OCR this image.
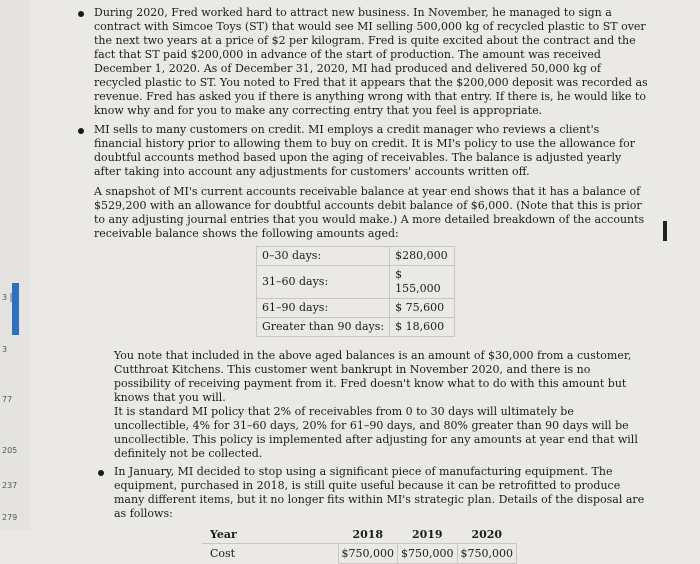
3
3
77
205
237
279

During 2020, Fred worked hard to attract new business. In November, he managed to sign a contract with Simcoe Toys (ST) that would see MI selling 500,000 kg of recycled plastic to ST over the next two years at a price of $2 per kilogram. Fred is quite excited about the contract and the fact that ST paid $200,000 in advance of the start of production. The amount was received December 1, 2020. As of December 31, 2020, MI had produced and delivered 50,000 kg of recycled plastic to ST. You noted to Fred that it appears that the $200,000 deposit was recorded as revenue. Fred has asked you if there is anything wrong with that entry. If there is, he would like to know why and for you to make any correcting entry that you feel is appropriate.

MI sells to many customers on credit. MI employs a credit manager who reviews a client's financial history prior to allowing them to buy on credit. It is MI's policy to use the allowance for doubtful accounts method based upon the aging of receivables. The balance is adjusted yearly after taking into account any adjustments for customers' accounts written off.

A snapshot of MI's current accounts receivable balance at year end shows that it has a balance of $529,200 with an allowance for doubtful accounts debit balance of $6,000. (Note that this is prior to any adjusting journal entries that you would make.) A more detailed breakdown of the accounts receivable balance shows the following amounts aged:

0–30 days:	$280,000
31–60 days:	$ 155,000
61–90 days:	$ 75,600
Greater than 90 days:	$ 18,600

You note that included in the above aged balances is an amount of $30,000 from a customer, Cutthroat Kitchens. This customer went bankrupt in November 2020, and there is no possibility of receiving payment from it. Fred doesn't know what to do with this amount but knows that you will.

It is standard MI policy that 2% of receivables from 0 to 30 days will ultimately be uncollectible, 4% for 31–60 days, 20% for 61–90 days, and 80% greater than 90 days will be uncollectible. This policy is implemented after adjusting for any amounts at year end that will definitely not be collected.

In January, MI decided to stop using a significant piece of manufacturing equipment. The equipment, purchased in 2018, is still quite useful because it can be retrofitted to produce many different items, but it no longer fits within MI's strategic plan. Details of the disposal are as follows:

Year	2018	2019	2020
Cost	$750,000	$750,000	$750,000
